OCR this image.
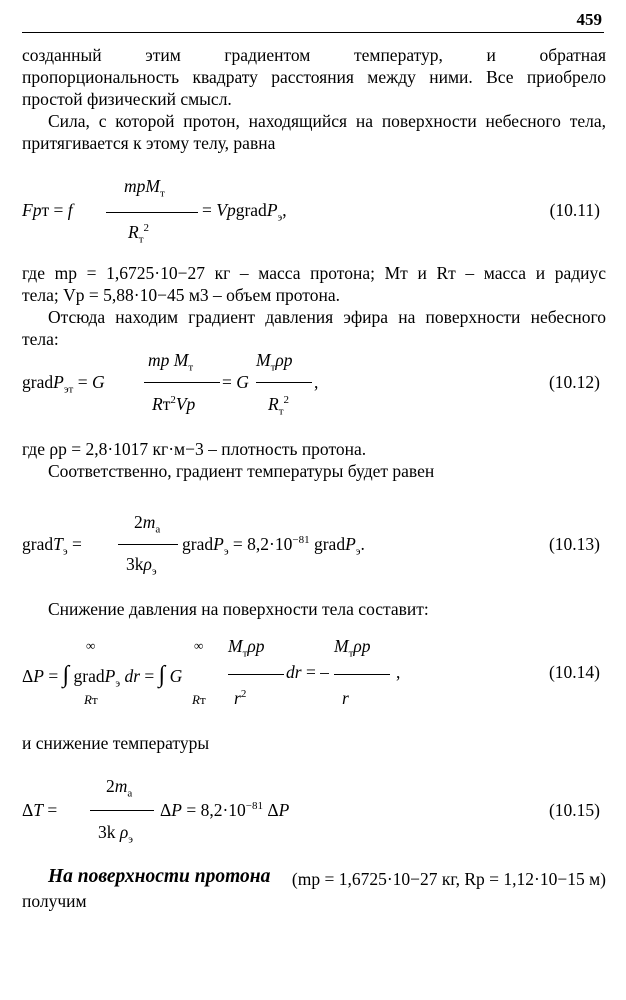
459
созданный этим градиентом температур, и обратная
пропорциональность квадрату расстояния между ними. Все приобрело простой физический смысл.
Сила, с которой протон, находящийся на поверхности небесного тела, притягивается к этому телу, равна
mpM$_т$
Fpт = f	= VpgradP$_э$,
$R_т^2$
(10.11)
где mp = 1,6725·10−27 кг – масса протона; Mт и Rт – масса и радиус
тела; Vp = 5,88·10−45 м3 – объем протона.
Отсюда находим градиент давления эфира на поверхности небесного тела:
mp $M_т$	$M_т\rho p$
gradP$_{эт}$ = G	= G	,
$Rт^2Vp$	$R_т^2$
(10.12)
где ρp = 2,8·1017 кг·м−3 – плотность протона.
Соответственно, градиент температуры будет равен
$2m_a$
gradT$_э$ =	gradP$_э$ = $8,2\cdot 10^{-81}$ gradP$_э$.
$3k\rho_э$
(10.13)
Снижение давления на поверхности тела составит:
∞	∞ $M_т\rho p$	$M_т\rho p$
ΔP = ∫ gradP$_э$ dr = ∫ G	dr = –	,
Rт	Rт $r^2$	r
(10.14)
и снижение температуры
$2m_a$
ΔT =	$\Delta P = 8,2\cdot 10^{-81}$ ΔP
3k $\rho_э$
(10.15)
На поверхности протона (mp = 1,6725·10−27 кг, Rp = 1,12·10−15 м)
получим
